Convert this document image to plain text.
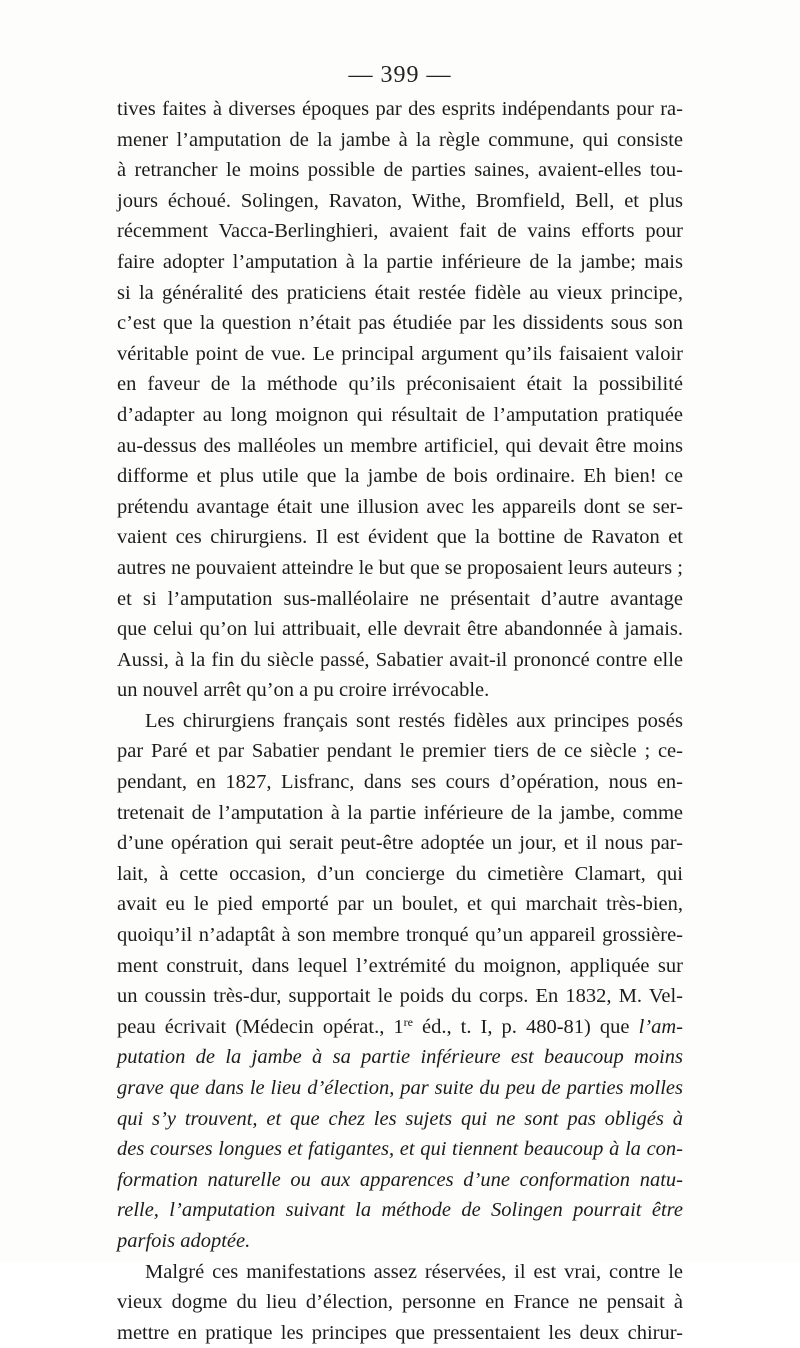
— 399 —
tives faites à diverses époques par des esprits indépendants pour ra-
mener l’amputation de la jambe à la règle commune, qui consiste
à retrancher le moins possible de parties saines, avaient-elles tou-
jours échoué. Solingen, Ravaton, Withe, Bromfield, Bell, et plus
récemment Vacca-Berlinghieri, avaient fait de vains efforts pour
faire adopter l’amputation à la partie inférieure de la jambe; mais
si la généralité des praticiens était restée fidèle au vieux principe,
c’est que la question n’était pas étudiée par les dissidents sous son
véritable point de vue. Le principal argument qu’ils faisaient valoir
en faveur de la méthode qu’ils préconisaient était la possibilité
d’adapter au long moignon qui résultait de l’amputation pratiquée
au-dessus des malléoles un membre artificiel, qui devait être moins
difforme et plus utile que la jambe de bois ordinaire. Eh bien! ce
prétendu avantage était une illusion avec les appareils dont se ser-
vaient ces chirurgiens. Il est évident que la bottine de Ravaton et
autres ne pouvaient atteindre le but que se proposaient leurs auteurs ;
et si l’amputation sus-malléolaire ne présentait d’autre avantage
que celui qu’on lui attribuait, elle devrait être abandonnée à jamais.
Aussi, à la fin du siècle passé, Sabatier avait-il prononcé contre elle
un nouvel arrêt qu’on a pu croire irrévocable.
Les chirurgiens français sont restés fidèles aux principes posés
par Paré et par Sabatier pendant le premier tiers de ce siècle ; ce-
pendant, en 1827, Lisfranc, dans ses cours d’opération, nous en-
tretenait de l’amputation à la partie inférieure de la jambe, comme
d’une opération qui serait peut-être adoptée un jour, et il nous par-
lait, à cette occasion, d’un concierge du cimetière Clamart, qui
avait eu le pied emporté par un boulet, et qui marchait très-bien,
quoiqu’il n’adaptât à son membre tronqué qu’un appareil grossière-
ment construit, dans lequel l’extrémité du moignon, appliquée sur
un coussin très-dur, supportait le poids du corps. En 1832, M. Vel-
peau écrivait (Médecin opérat., 1re éd., t. I, p. 480-81) que l’am-
putation de la jambe à sa partie inférieure est beaucoup moins
grave que dans le lieu d’élection, par suite du peu de parties molles
qui s’y trouvent, et que chez les sujets qui ne sont pas obligés à
des courses longues et fatigantes, et qui tiennent beaucoup à la con-
formation naturelle ou aux apparences d’une conformation natu-
relle, l’amputation suivant la méthode de Solingen pourrait être
parfois adoptée.
Malgré ces manifestations assez réservées, il est vrai, contre le
vieux dogme du lieu d’élection, personne en France ne pensait à
mettre en pratique les principes que pressentaient les deux chirur-
